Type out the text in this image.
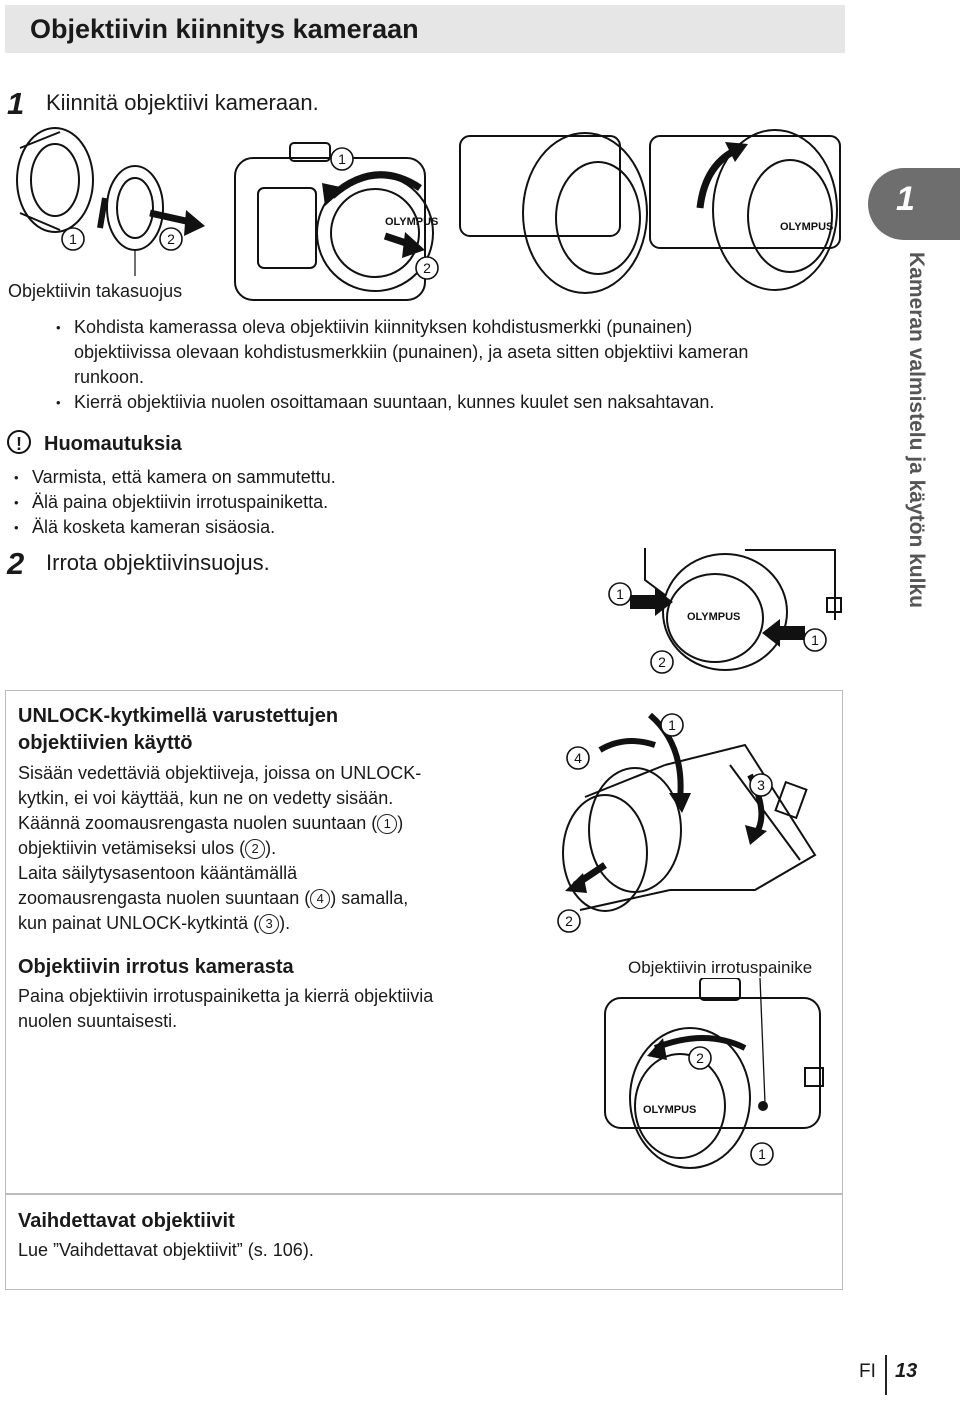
Objektiivin kiinnitys kameraan
1 Kiinnitä objektiivi kameraan.
OLYMPUS	OLYMPUS
1	2
1
2
Objektiivin takasuojus
• Kohdista kamerassa oleva objektiivin kiinnityksen kohdistusmerkki (punainen) objektiivissa olevaan kohdistusmerkkiin (punainen), ja aseta sitten objektiivi kameran runkoon.
• Kierrä objektiivia nuolen osoittamaan suuntaan, kunnes kuulet sen naksahtavan.
!	Huomautuksia
• Varmista, että kamera on sammutettu.
• Älä paina objektiivin irrotuspainiketta.
• Älä kosketa kameran sisäosia.
2 Irrota objektiivinsuojus.
OLYMPUS
1
1
2
UNLOCK-kytkimellä varustettujen
objektiivien käyttö
Sisään vedettäviä objektiiveja, joissa on UNLOCK-
kytkin, ei voi käyttää, kun ne on vedetty sisään.
Käännä zoomausrengasta nuolen suuntaan ( 1 )
objektiivin vetämiseksi ulos ( 2 ).
Laita säilytysasentoon kääntämällä
zoomausrengasta nuolen suuntaan ( 4 ) samalla,
kun painat UNLOCK-kytkintä ( 3 ).
1
2
3
4
Objektiivin irrotus kamerasta
Paina objektiivin irrotuspainiketta ja kierrä objektiivia
nuolen suuntaisesti.
Objektiivin irrotuspainike
OLYMPUS
2
1
Vaihdettavat objektiivit
Lue ”Vaihdettavat objektiivit” (s. 106).
1
Kameran valmistelu ja käytön kulku
FI 13
